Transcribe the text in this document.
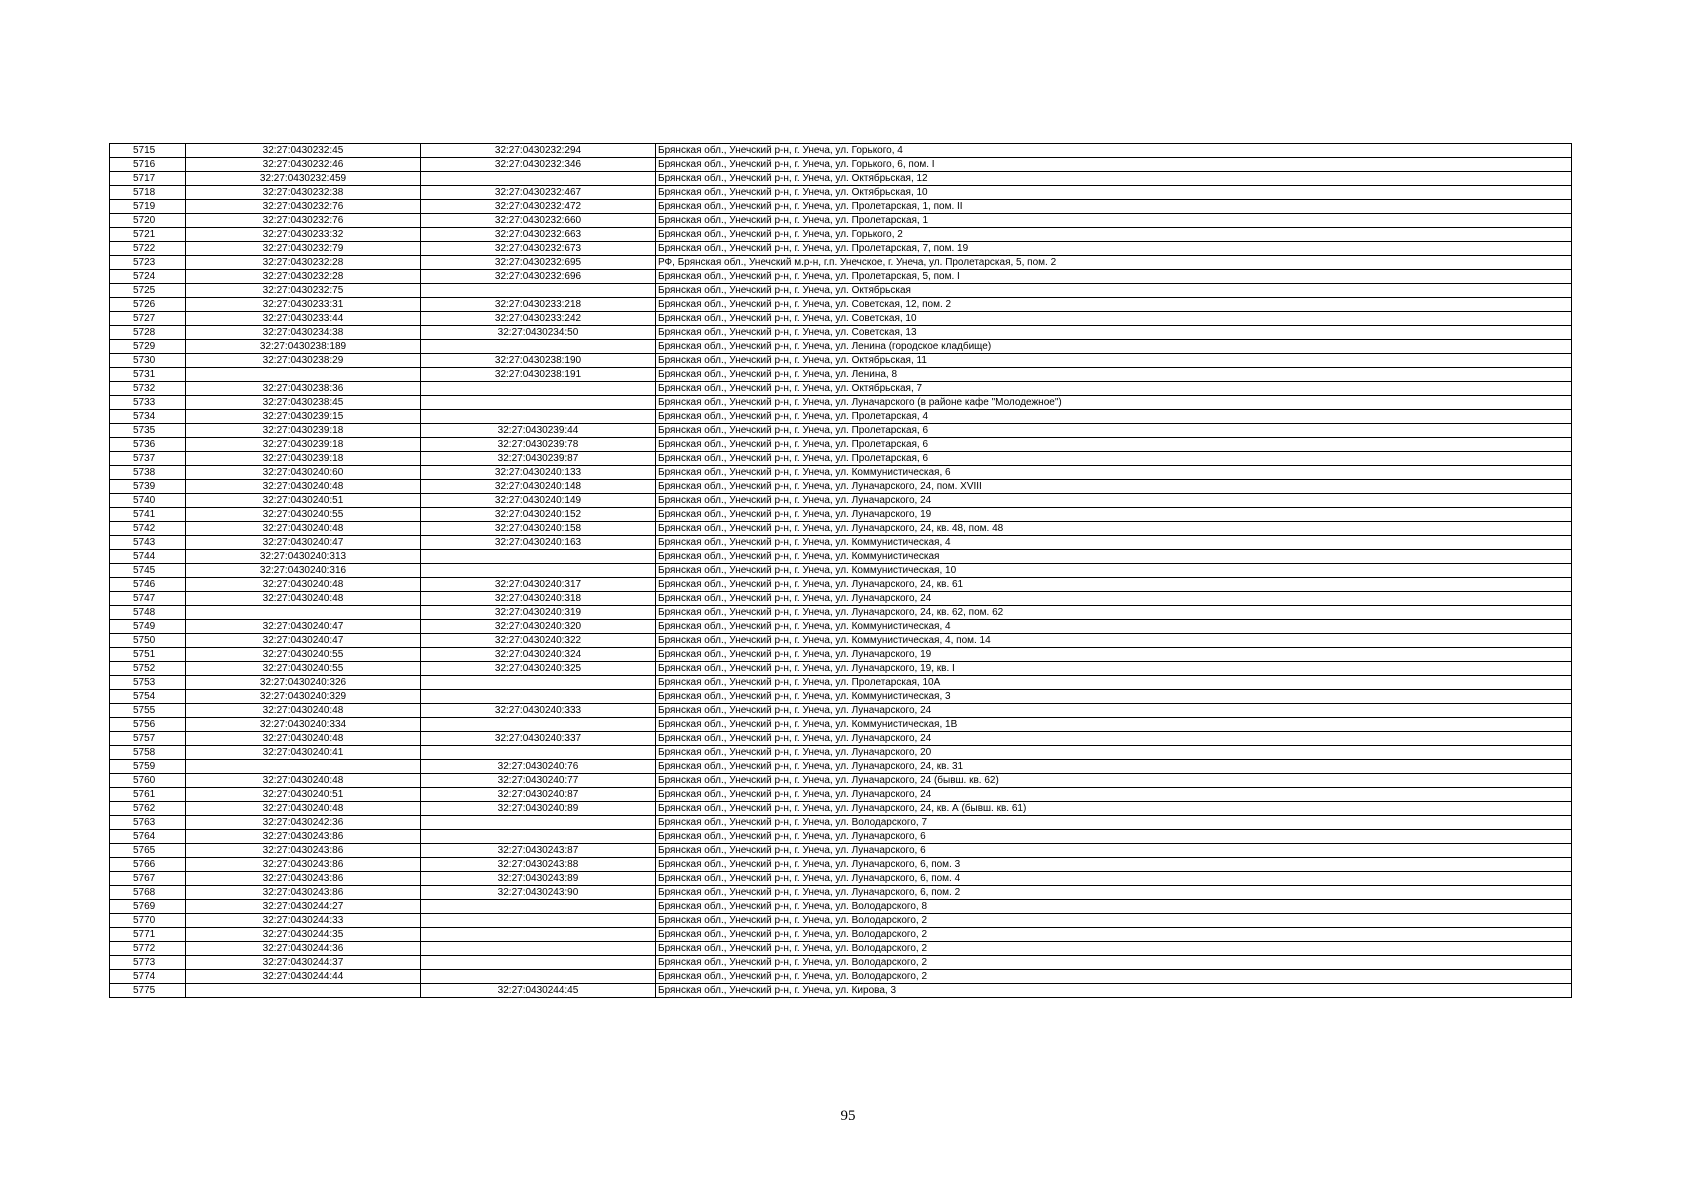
5715	32:27:0430232:45	32:27:0430232:294	Брянская обл., Унечский р-н, г. Унеча, ул. Горького, 4
5716	32:27:0430232:46	32:27:0430232:346	Брянская обл., Унечский р-н, г. Унеча, ул. Горького, 6, пом. I
5717	32:27:0430232:459		Брянская обл., Унечский р-н, г. Унеча, ул. Октябрьская, 12
5718	32:27:0430232:38	32:27:0430232:467	Брянская обл., Унечский р-н, г. Унеча, ул. Октябрьская, 10
5719	32:27:0430232:76	32:27:0430232:472	Брянская обл., Унечский р-н, г. Унеча, ул. Пролетарская, 1, пом. II
5720	32:27:0430232:76	32:27:0430232:660	Брянская обл., Унечский р-н, г. Унеча, ул. Пролетарская, 1
5721	32:27:0430233:32	32:27:0430232:663	Брянская обл., Унечский р-н, г. Унеча, ул. Горького, 2
5722	32:27:0430232:79	32:27:0430232:673	Брянская обл., Унечский р-н, г. Унеча, ул. Пролетарская, 7, пом. 19
5723	32:27:0430232:28	32:27:0430232:695	РФ, Брянская обл., Унечский м.р-н, г.п. Унечское, г. Унеча, ул. Пролетарская, 5, пом. 2
5724	32:27:0430232:28	32:27:0430232:696	Брянская обл., Унечский р-н, г. Унеча, ул. Пролетарская, 5, пом. I
5725	32:27:0430232:75		Брянская обл., Унечский р-н, г. Унеча, ул. Октябрьская
5726	32:27:0430233:31	32:27:0430233:218	Брянская обл., Унечский р-н, г. Унеча, ул. Советская, 12, пом. 2
5727	32:27:0430233:44	32:27:0430233:242	Брянская обл., Унечский р-н, г. Унеча, ул. Советская, 10
5728	32:27:0430234:38	32:27:0430234:50	Брянская обл., Унечский р-н, г. Унеча, ул. Советская, 13
5729	32:27:0430238:189		Брянская обл., Унечский р-н, г. Унеча, ул. Ленина (городское кладбище)
5730	32:27:0430238:29	32:27:0430238:190	Брянская обл., Унечский р-н, г. Унеча, ул. Октябрьская, 11
5731		32:27:0430238:191	Брянская обл., Унечский р-н, г. Унеча, ул. Ленина, 8
5732	32:27:0430238:36		Брянская обл., Унечский р-н, г. Унеча, ул. Октябрьская, 7
5733	32:27:0430238:45		Брянская обл., Унечский р-н, г. Унеча, ул. Луначарского (в районе кафе "Молодежное")
5734	32:27:0430239:15		Брянская обл., Унечский р-н, г. Унеча, ул. Пролетарская, 4
5735	32:27:0430239:18	32:27:0430239:44	Брянская обл., Унечский р-н, г. Унеча, ул. Пролетарская, 6
5736	32:27:0430239:18	32:27:0430239:78	Брянская обл., Унечский р-н, г. Унеча, ул. Пролетарская, 6
5737	32:27:0430239:18	32:27:0430239:87	Брянская обл., Унечский р-н, г. Унеча, ул. Пролетарская, 6
5738	32:27:0430240:60	32:27:0430240:133	Брянская обл., Унечский р-н, г. Унеча, ул. Коммунистическая, 6
5739	32:27:0430240:48	32:27:0430240:148	Брянская обл., Унечский р-н, г. Унеча, ул. Луначарского, 24, пом. XVIII
5740	32:27:0430240:51	32:27:0430240:149	Брянская обл., Унечский р-н, г. Унеча, ул. Луначарского, 24
5741	32:27:0430240:55	32:27:0430240:152	Брянская обл., Унечский р-н, г. Унеча, ул. Луначарского, 19
5742	32:27:0430240:48	32:27:0430240:158	Брянская обл., Унечский р-н, г. Унеча, ул. Луначарского, 24, кв. 48, пом. 48
5743	32:27:0430240:47	32:27:0430240:163	Брянская обл., Унечский р-н, г. Унеча, ул. Коммунистическая, 4
5744	32:27:0430240:313		Брянская обл., Унечский р-н, г. Унеча, ул. Коммунистическая
5745	32:27:0430240:316		Брянская обл., Унечский р-н, г. Унеча, ул. Коммунистическая, 10
5746	32:27:0430240:48	32:27:0430240:317	Брянская обл., Унечский р-н, г. Унеча, ул. Луначарского, 24, кв. 61
5747	32:27:0430240:48	32:27:0430240:318	Брянская обл., Унечский р-н, г. Унеча, ул. Луначарского, 24
5748		32:27:0430240:319	Брянская обл., Унечский р-н, г. Унеча, ул. Луначарского, 24, кв. 62, пом. 62
5749	32:27:0430240:47	32:27:0430240:320	Брянская обл., Унечский р-н, г. Унеча, ул. Коммунистическая, 4
5750	32:27:0430240:47	32:27:0430240:322	Брянская обл., Унечский р-н, г. Унеча, ул. Коммунистическая, 4, пом. 14
5751	32:27:0430240:55	32:27:0430240:324	Брянская обл., Унечский р-н, г. Унеча, ул. Луначарского, 19
5752	32:27:0430240:55	32:27:0430240:325	Брянская обл., Унечский р-н, г. Унеча, ул. Луначарского, 19, кв. I
5753	32:27:0430240:326		Брянская обл., Унечский р-н, г. Унеча, ул. Пролетарская, 10А
5754	32:27:0430240:329		Брянская обл., Унечский р-н, г. Унеча, ул. Коммунистическая, 3
5755	32:27:0430240:48	32:27:0430240:333	Брянская обл., Унечский р-н, г. Унеча, ул. Луначарского, 24
5756	32:27:0430240:334		Брянская обл., Унечский р-н, г. Унеча, ул. Коммунистическая, 1В
5757	32:27:0430240:48	32:27:0430240:337	Брянская обл., Унечский р-н, г. Унеча, ул. Луначарского, 24
5758	32:27:0430240:41		Брянская обл., Унечский р-н, г. Унеча, ул. Луначарского, 20
5759		32:27:0430240:76	Брянская обл., Унечский р-н, г. Унеча, ул. Луначарского, 24, кв. 31
5760	32:27:0430240:48	32:27:0430240:77	Брянская обл., Унечский р-н, г. Унеча, ул. Луначарского, 24 (бывш. кв. 62)
5761	32:27:0430240:51	32:27:0430240:87	Брянская обл., Унечский р-н, г. Унеча, ул. Луначарского, 24
5762	32:27:0430240:48	32:27:0430240:89	Брянская обл., Унечский р-н, г. Унеча, ул. Луначарского, 24, кв. А (бывш. кв. 61)
5763	32:27:0430242:36		Брянская обл., Унечский р-н, г. Унеча, ул. Володарского, 7
5764	32:27:0430243:86		Брянская обл., Унечский р-н, г. Унеча, ул. Луначарского, 6
5765	32:27:0430243:86	32:27:0430243:87	Брянская обл., Унечский р-н, г. Унеча, ул. Луначарского, 6
5766	32:27:0430243:86	32:27:0430243:88	Брянская обл., Унечский р-н, г. Унеча, ул. Луначарского, 6, пом. 3
5767	32:27:0430243:86	32:27:0430243:89	Брянская обл., Унечский р-н, г. Унеча, ул. Луначарского, 6, пом. 4
5768	32:27:0430243:86	32:27:0430243:90	Брянская обл., Унечский р-н, г. Унеча, ул. Луначарского, 6, пом. 2
5769	32:27:0430244:27		Брянская обл., Унечский р-н, г. Унеча, ул. Володарского, 8
5770	32:27:0430244:33		Брянская обл., Унечский р-н, г. Унеча, ул. Володарского, 2
5771	32:27:0430244:35		Брянская обл., Унечский р-н, г. Унеча, ул. Володарского, 2
5772	32:27:0430244:36		Брянская обл., Унечский р-н, г. Унеча, ул. Володарского, 2
5773	32:27:0430244:37		Брянская обл., Унечский р-н, г. Унеча, ул. Володарского, 2
5774	32:27:0430244:44		Брянская обл., Унечский р-н, г. Унеча, ул. Володарского, 2
5775		32:27:0430244:45	Брянская обл., Унечский р-н, г. Унеча, ул. Кирова, 3
95
